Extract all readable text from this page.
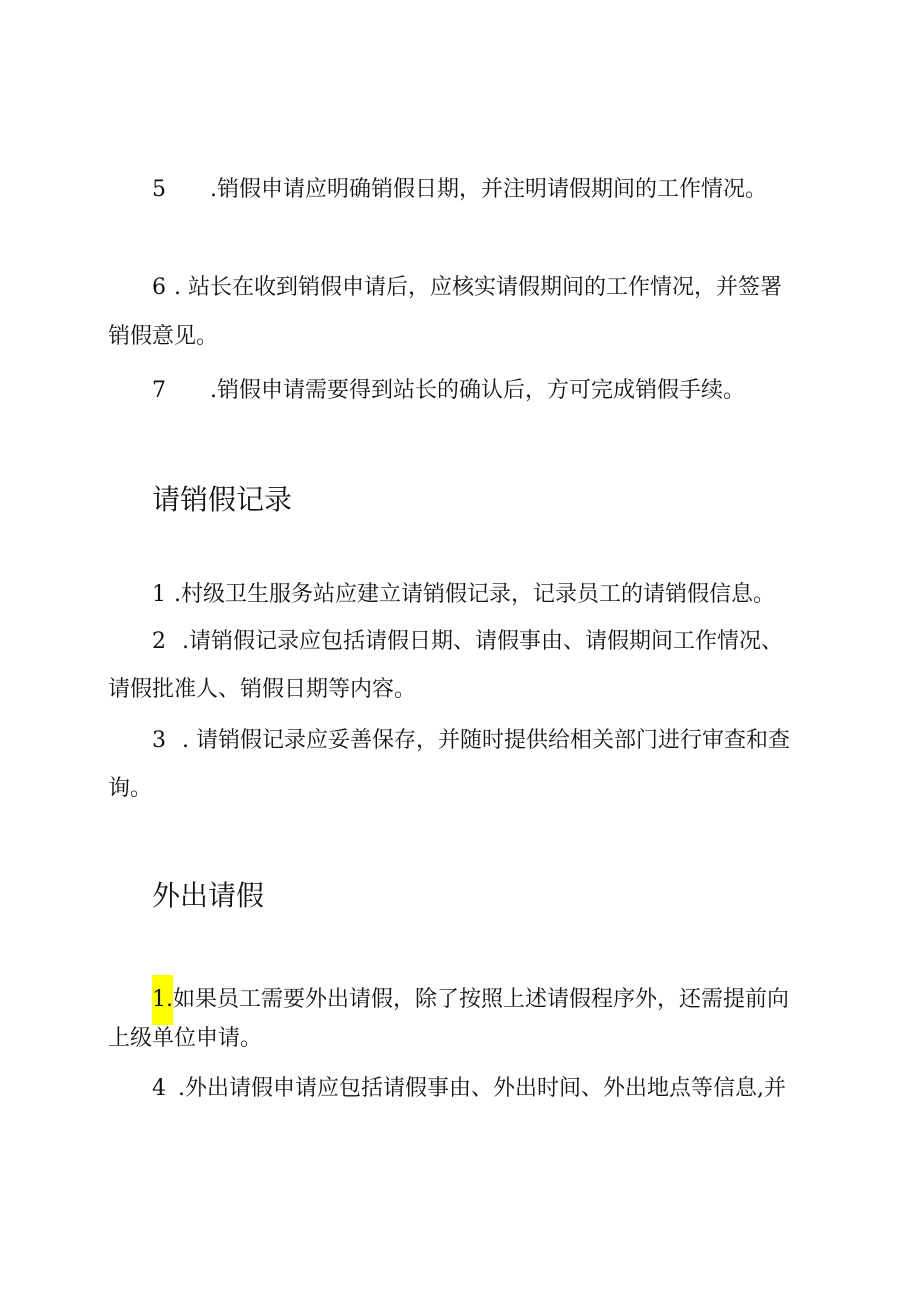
5 .销假申请应明确销假日期，并注明请假期间的工作情况。
6 . 站长在收到销假申请后，应核实请假期间的工作情况，并签署
销假意见。
7 .销假申请需要得到站长的确认后，方可完成销假手续。
请销假记录
1 .村级卫生服务站应建立请销假记录，记录员工的请销假信息。
2 .请销假记录应包括请假日期、请假事由、请假期间工作情况、
请假批准人、销假日期等内容。
3 . 请销假记录应妥善保存，并随时提供给相关部门进行审查和查
询。
外出请假
1.如果员工需要外出请假，除了按照上述请假程序外，还需提前向
上级单位申请。
4 .外出请假申请应包括请假事由、外出时间、外出地点等信息,并
